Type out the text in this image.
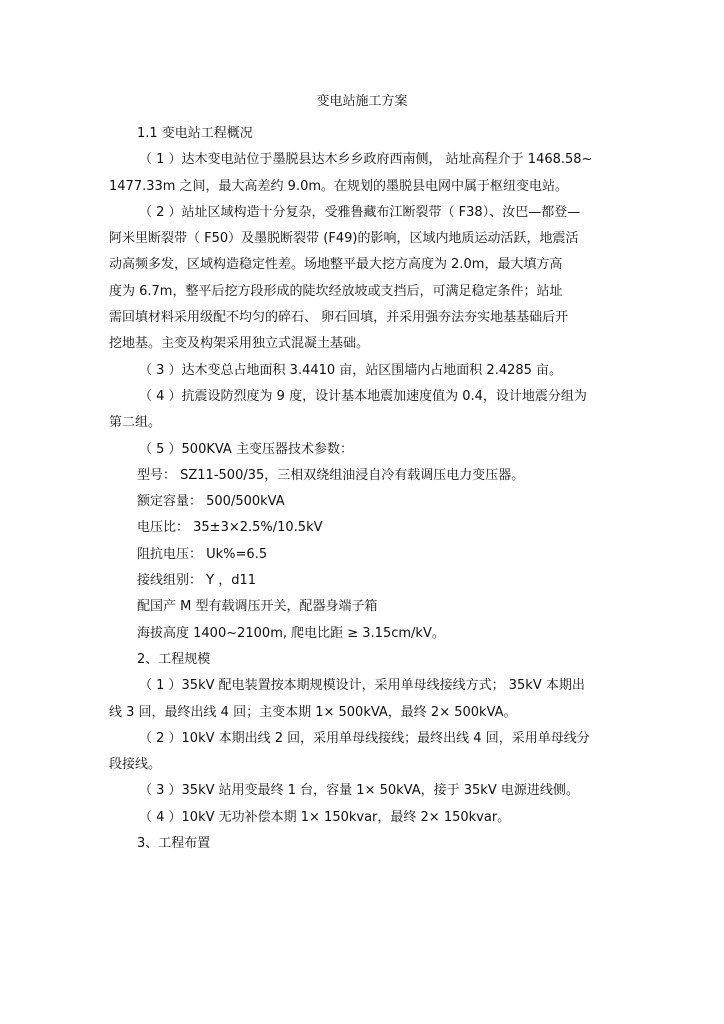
变电站施工方案
1.1 变电站工程概况
（ 1 ）达木变电站位于墨脱县达木乡乡政府西南侧， 站址高程介于 1468.58~
1477.33m 之间，最大高差约 9.0m。在规划的墨脱县电网中属于枢纽变电站。
（ 2 ）站址区域构造十分复杂，受雅鲁藏布江断裂带（ F38）、汝巴—都登—
阿米里断裂带（ F50）及墨脱断裂带 (F49)的影响，区域内地质运动活跃，地震活
动高频多发，区域构造稳定性差。场地整平最大挖方高度为 2.0m，最大填方高
度为 6.7m，整平后挖方段形成的陡坎经放坡或支挡后，可满足稳定条件；站址
需回填材料采用级配不均匀的碎石、 卵石回填，并采用强夯法夯实地基基础后开
挖地基。主变及构架采用独立式混凝土基础。
（ 3 ）达木变总占地面积 3.4410 亩，站区围墙内占地面积 2.4285 亩。
（ 4 ）抗震设防烈度为 9 度，设计基本地震加速度值为 0.4，设计地震分组为
第二组。
（ 5 ）500KVA 主变压器技术参数：
型号： SZ11-500/35，三相双绕组油浸自冷有载调压电力变压器。
额定容量： 500/500kVA
电压比： 35±3×2.5%/10.5kV
阻抗电压： Uk%=6.5
接线组别： Y ，d11
配国产 M 型有载调压开关，配器身端子箱
海拔高度 1400~2100m, 爬电比距 ≥ 3.15cm/kV。
2、工程规模
（ 1 ）35kV 配电装置按本期规模设计，采用单母线接线方式； 35kV 本期出
线 3 回，最终出线 4 回；主变本期 1× 500kVA，最终 2× 500kVA。
（ 2 ）10kV 本期出线 2 回，采用单母线接线；最终出线 4 回，采用单母线分
段接线。
（ 3 ）35kV 站用变最终 1 台，容量 1× 50kVA，接于 35kV 电源进线侧。
（ 4 ）10kV 无功补偿本期 1× 150kvar，最终 2× 150kvar。
3、工程布置
